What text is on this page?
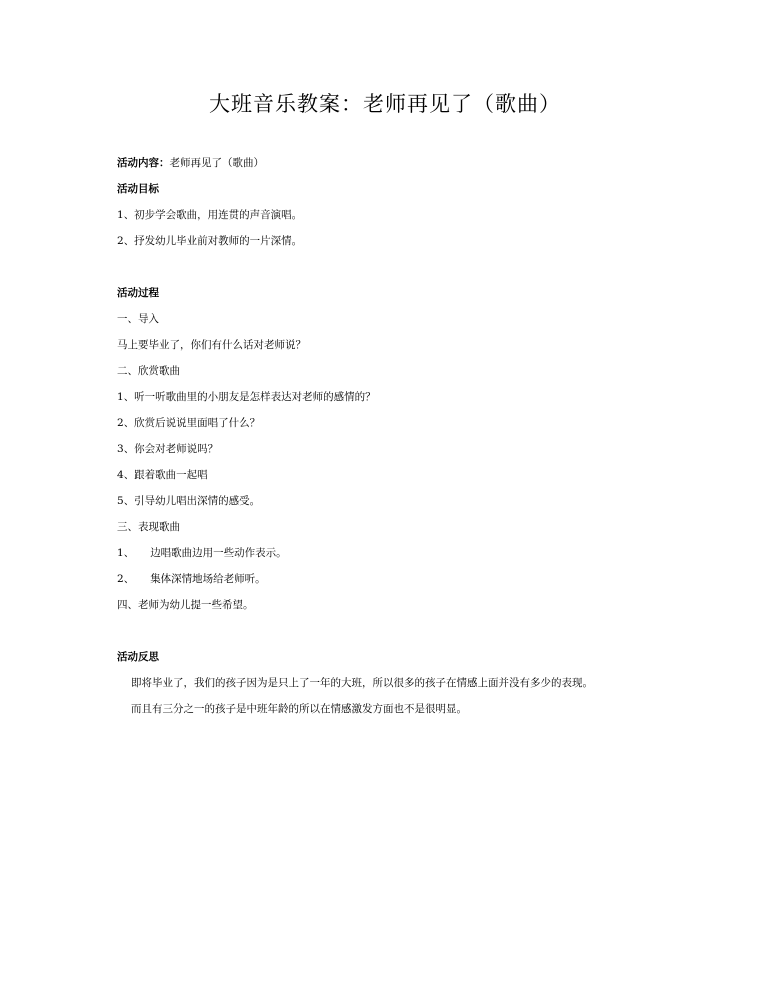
大班音乐教案：老师再见了（歌曲）

活动内容：老师再见了（歌曲）

活动目标

1、初步学会歌曲，用连贯的声音演唱。

2、抒发幼儿毕业前对教师的一片深情。

活动过程

一、导入

马上要毕业了，你们有什么话对老师说？

二、欣赏歌曲

1、听一听歌曲里的小朋友是怎样表达对老师的感情的？

2、欣赏后说说里面唱了什么？

3、你会对老师说吗？

4、跟着歌曲一起唱

5、引导幼儿唱出深情的感受。

三、表现歌曲

1、 边唱歌曲边用一些动作表示。

2、 集体深情地场给老师听。

四、老师为幼儿提一些希望。

活动反思

即将毕业了，我们的孩子因为是只上了一年的大班，所以很多的孩子在情感上面并没有多少的表现。

而且有三分之一的孩子是中班年龄的所以在情感激发方面也不是很明显。
